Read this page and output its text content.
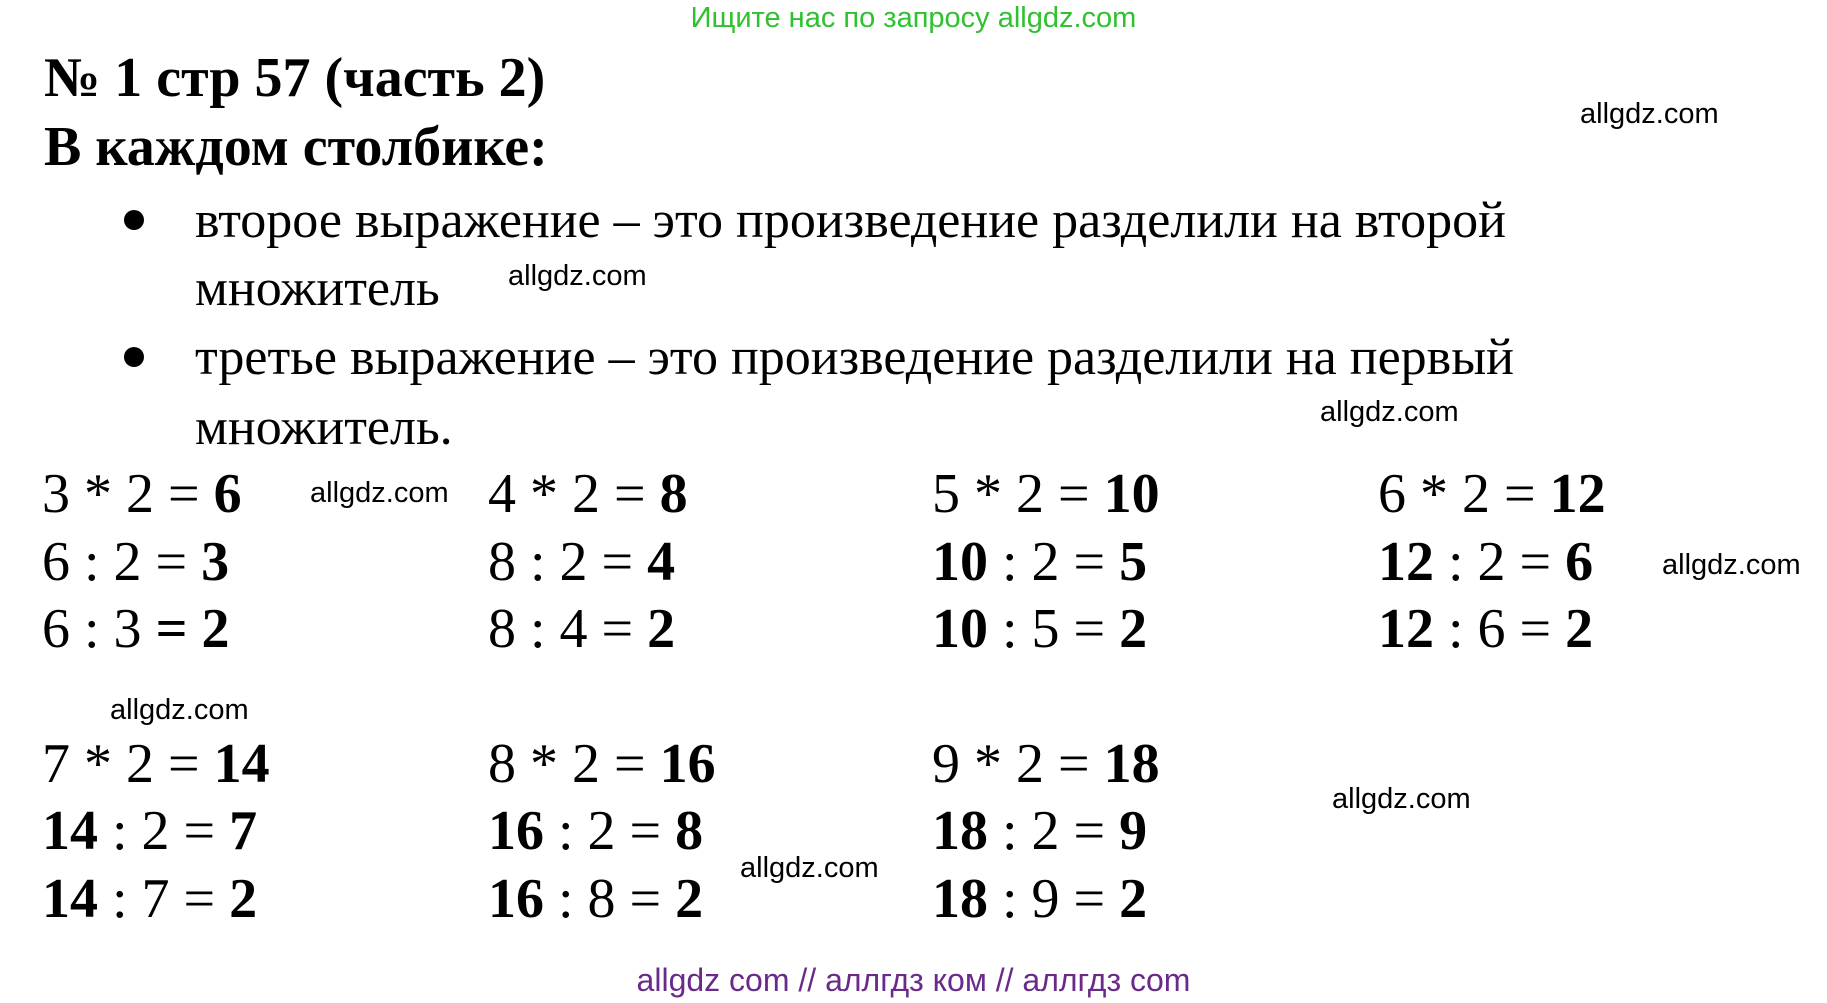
Ищите нас по запросу allgdz.com
№ 1 стр 57 (часть 2)
В каждом столбике:
второе выражение – это произведение разделили на второй
множитель
третье выражение – это произведение разделили на первый
множитель.
3 * 2 = 6
6 : 2 = 3
6 : 3 = 2
4 * 2 = 8
8 : 2 = 4
8 : 4 = 2
5 * 2 = 10
10 : 2 = 5
10 : 5 = 2
6 * 2 = 12
12 : 2 = 6
12 : 6 = 2
7 * 2 = 14
14 : 2 = 7
14 : 7 = 2
8 * 2 = 16
16 : 2 = 8
16 : 8 = 2
9 * 2 = 18
18 : 2 = 9
18 : 9 = 2
allgdz.com
allgdz.com
allgdz.com
allgdz.com
allgdz.com
allgdz.com
allgdz.com
allgdz.com
allgdz com // аллгдз ком // аллгдз com
